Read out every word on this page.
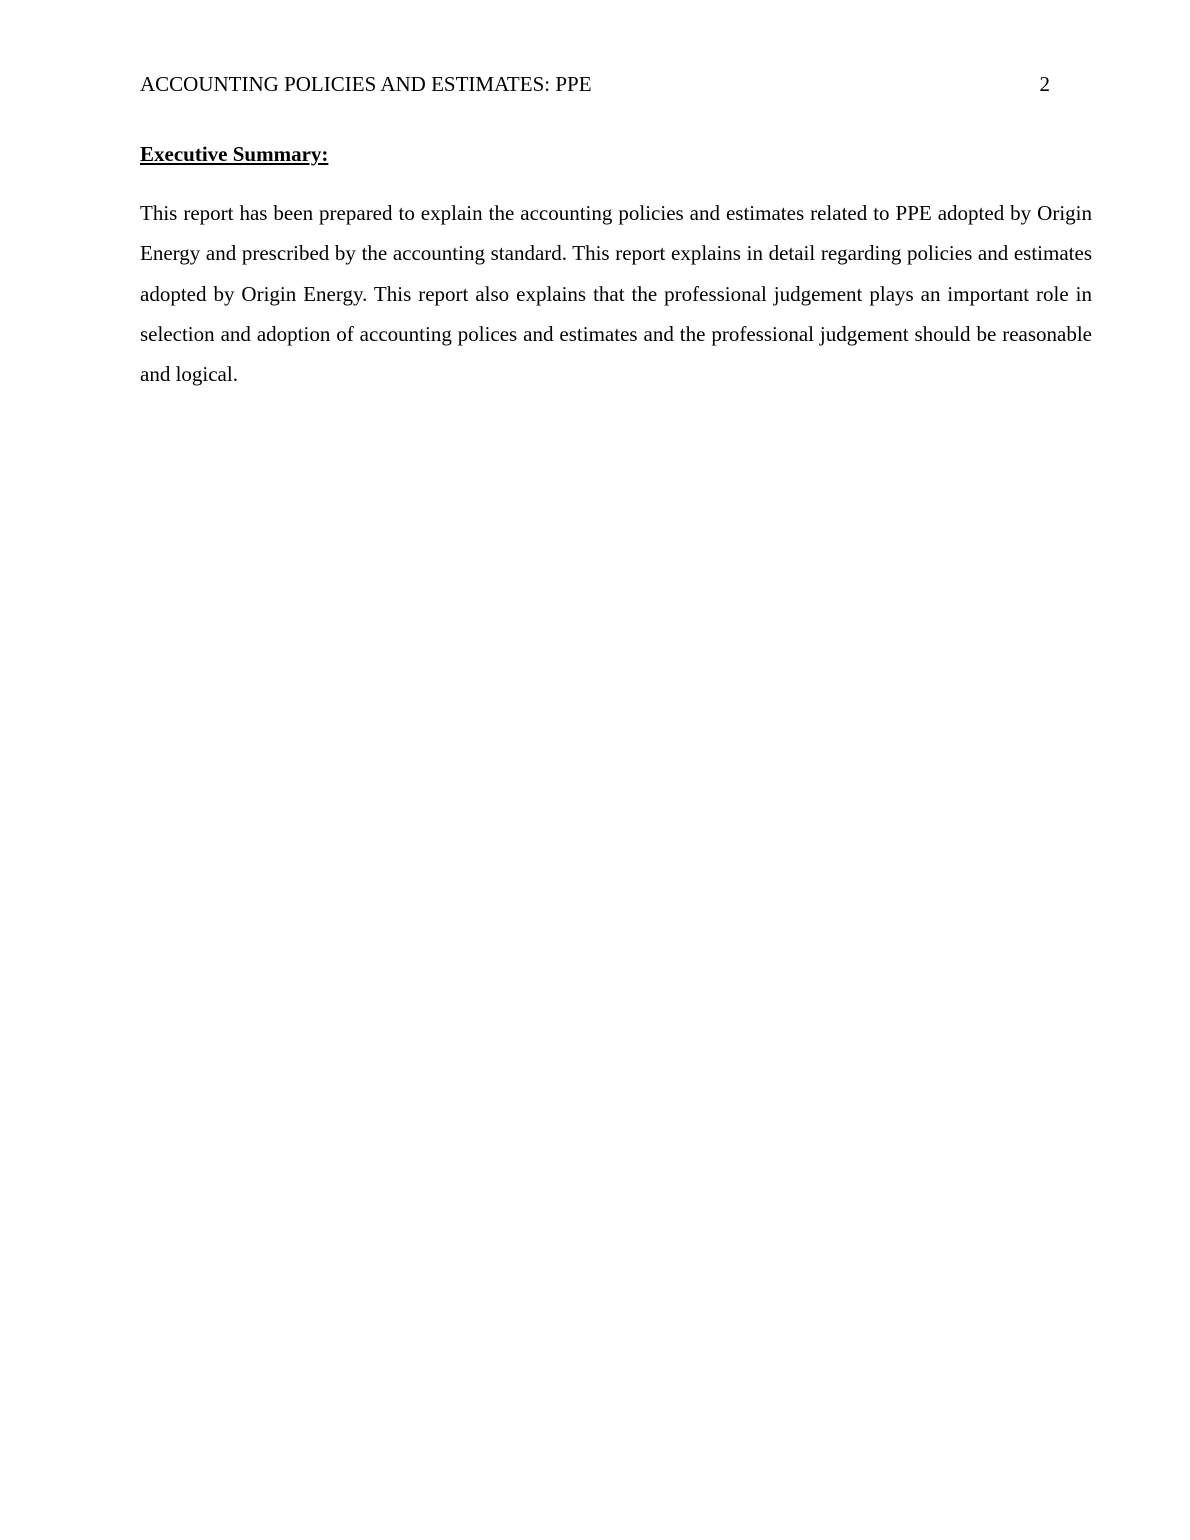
ACCOUNTING POLICIES AND ESTIMATES: PPE	2
Executive Summary:

This report has been prepared to explain the accounting policies and estimates related to PPE adopted by Origin Energy and prescribed by the accounting standard. This report explains in detail regarding policies and estimates adopted by Origin Energy. This report also explains that the professional judgement plays an important role in selection and adoption of accounting polices and estimates and the professional judgement should be reasonable and logical.
